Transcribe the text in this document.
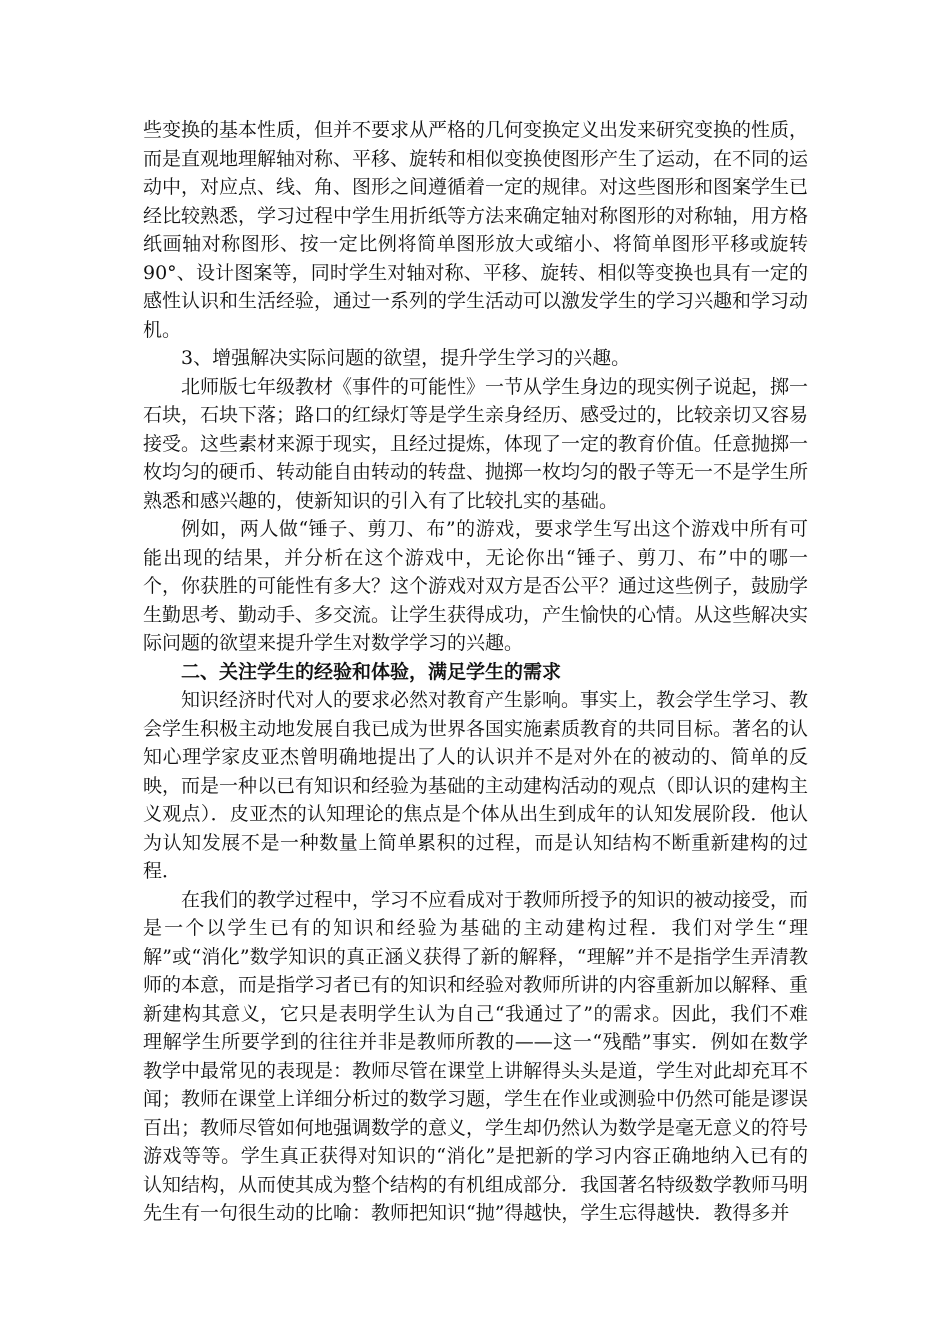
些变换的基本性质，但并不要求从严格的几何变换定义出发来研究变换的性质，而是直观地理解轴对称、平移、旋转和相似变换使图形产生了运动，在不同的运动中，对应点、线、角、图形之间遵循着一定的规律。对这些图形和图案学生已经比较熟悉，学习过程中学生用折纸等方法来确定轴对称图形的对称轴，用方格纸画轴对称图形、按一定比例将简单图形放大或缩小、将简单图形平移或旋转90°、设计图案等，同时学生对轴对称、平移、旋转、相似等变换也具有一定的感性认识和生活经验，通过一系列的学生活动可以激发学生的学习兴趣和学习动机。

3、增强解决实际问题的欲望，提升学生学习的兴趣。

北师版七年级教材《事件的可能性》一节从学生身边的现实例子说起，掷一石块，石块下落；路口的红绿灯等是学生亲身经历、感受过的，比较亲切又容易接受。这些素材来源于现实，且经过提炼，体现了一定的教育价值。任意抛掷一枚均匀的硬币、转动能自由转动的转盘、抛掷一枚均匀的骰子等无一不是学生所熟悉和感兴趣的，使新知识的引入有了比较扎实的基础。

例如，两人做“锤子、剪刀、布”的游戏，要求学生写出这个游戏中所有可能出现的结果，并分析在这个游戏中，无论你出“锤子、剪刀、布”中的哪一个，你获胜的可能性有多大？这个游戏对双方是否公平？通过这些例子，鼓励学生勤思考、勤动手、多交流。让学生获得成功，产生愉快的心情。从这些解决实际问题的欲望来提升学生对数学学习的兴趣。

二、关注学生的经验和体验，满足学生的需求

知识经济时代对人的要求必然对教育产生影响。事实上，教会学生学习、教会学生积极主动地发展自我已成为世界各国实施素质教育的共同目标。著名的认知心理学家皮亚杰曾明确地提出了人的认识并不是对外在的被动的、简单的反映，而是一种以已有知识和经验为基础的主动建构活动的观点（即认识的建构主义观点）．皮亚杰的认知理论的焦点是个体从出生到成年的认知发展阶段．他认为认知发展不是一种数量上简单累积的过程，而是认知结构不断重新建构的过程．

在我们的教学过程中，学习不应看成对于教师所授予的知识的被动接受，而是一个以学生已有的知识和经验为基础的主动建构过程．我们对学生“理解”或“消化”数学知识的真正涵义获得了新的解释，“理解”并不是指学生弄清教师的本意，而是指学习者已有的知识和经验对教师所讲的内容重新加以解释、重新建构其意义，它只是表明学生认为自己“我通过了”的需求。因此，我们不难理解学生所要学到的往往并非是教师所教的——这一“残酷”事实．例如在数学教学中最常见的表现是：教师尽管在课堂上讲解得头头是道，学生对此却充耳不闻；教师在课堂上详细分析过的数学习题，学生在作业或测验中仍然可能是谬误百出；教师尽管如何地强调数学的意义，学生却仍然认为数学是毫无意义的符号游戏等等。学生真正获得对知识的“消化”是把新的学习内容正确地纳入已有的认知结构，从而使其成为整个结构的有机组成部分．我国著名特级数学教师马明先生有一句很生动的比喻：教师把知识“抛”得越快，学生忘得越快．教得多并
